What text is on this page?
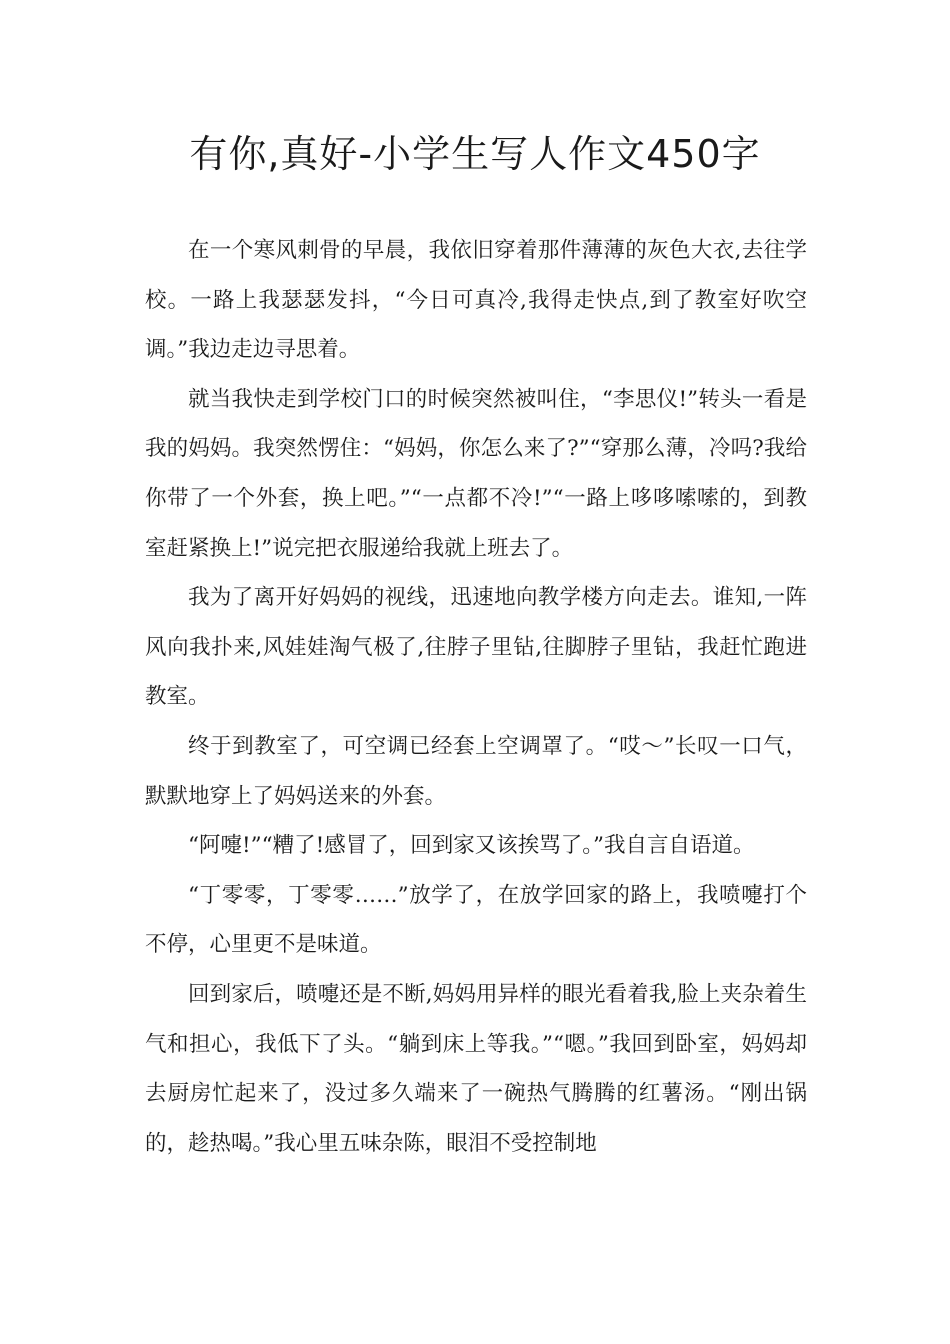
有你,真好-小学生写人作文450字

在一个寒风刺骨的早晨，我依旧穿着那件薄薄的灰色大衣,去往学校。一路上我瑟瑟发抖，“今日可真冷,我得走快点,到了教室好吹空调。”我边走边寻思着。

就当我快走到学校门口的时候突然被叫住，“李思仪!”转头一看是我的妈妈。我突然愣住：“妈妈，你怎么来了?”“穿那么薄，冷吗?我给你带了一个外套，换上吧。”“一点都不冷!”“一路上哆哆嗦嗦的，到教室赶紧换上!”说完把衣服递给我就上班去了。

我为了离开好妈妈的视线，迅速地向教学楼方向走去。谁知,一阵风向我扑来,风娃娃淘气极了,往脖子里钻,往脚脖子里钻，我赶忙跑进教室。

终于到教室了，可空调已经套上空调罩了。“哎～”长叹一口气，默默地穿上了妈妈送来的外套。

“阿嚏!”“糟了!感冒了，回到家又该挨骂了。”我自言自语道。

“丁零零，丁零零……”放学了，在放学回家的路上，我喷嚏打个不停，心里更不是味道。

回到家后，喷嚏还是不断,妈妈用异样的眼光看着我,脸上夹杂着生气和担心，我低下了头。“躺到床上等我。”“嗯。”我回到卧室，妈妈却去厨房忙起来了，没过多久端来了一碗热气腾腾的红薯汤。“刚出锅的，趁热喝。”我心里五味杂陈，眼泪不受控制地
